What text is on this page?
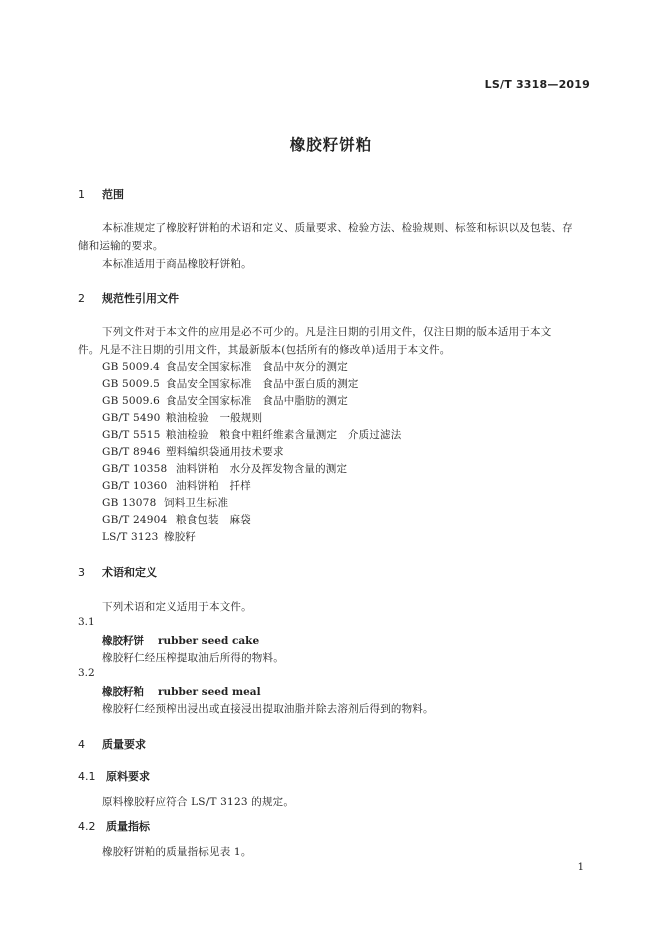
LS/T 3318—2019
橡胶籽饼粕
1 范围
本标准规定了橡胶籽饼粕的术语和定义、质量要求、检验方法、检验规则、标签和标识以及包装、存
储和运输的要求。
本标准适用于商品橡胶籽饼粕。
2 规范性引用文件
下列文件对于本文件的应用是必不可少的。凡是注日期的引用文件，仅注日期的版本适用于本文
件。凡是不注日期的引用文件，其最新版本(包括所有的修改单)适用于本文件。
GB 5009.4 食品安全国家标准　食品中灰分的测定
GB 5009.5 食品安全国家标准　食品中蛋白质的测定
GB 5009.6 食品安全国家标准　食品中脂肪的测定
GB/T 5490 粮油检验　一般规则
GB/T 5515 粮油检验　粮食中粗纤维素含量测定　介质过滤法
GB/T 8946 塑料编织袋通用技术要求
GB/T 10358 油料饼粕　水分及挥发物含量的测定
GB/T 10360 油料饼粕　扦样
GB 13078 饲料卫生标准
GB/T 24904 粮食包装　麻袋
LS/T 3123 橡胶籽
3 术语和定义
下列术语和定义适用于本文件。
3.1
橡胶籽饼 rubber seed cake
橡胶籽仁经压榨提取油后所得的物料。
3.2
橡胶籽粕 rubber seed meal
橡胶籽仁经预榨出浸出或直接浸出提取油脂并除去溶剂后得到的物料。
4 质量要求
4.1 原料要求
原料橡胶籽应符合 LS/T 3123 的规定。
4.2 质量指标
橡胶籽饼粕的质量指标见表 1。
1
